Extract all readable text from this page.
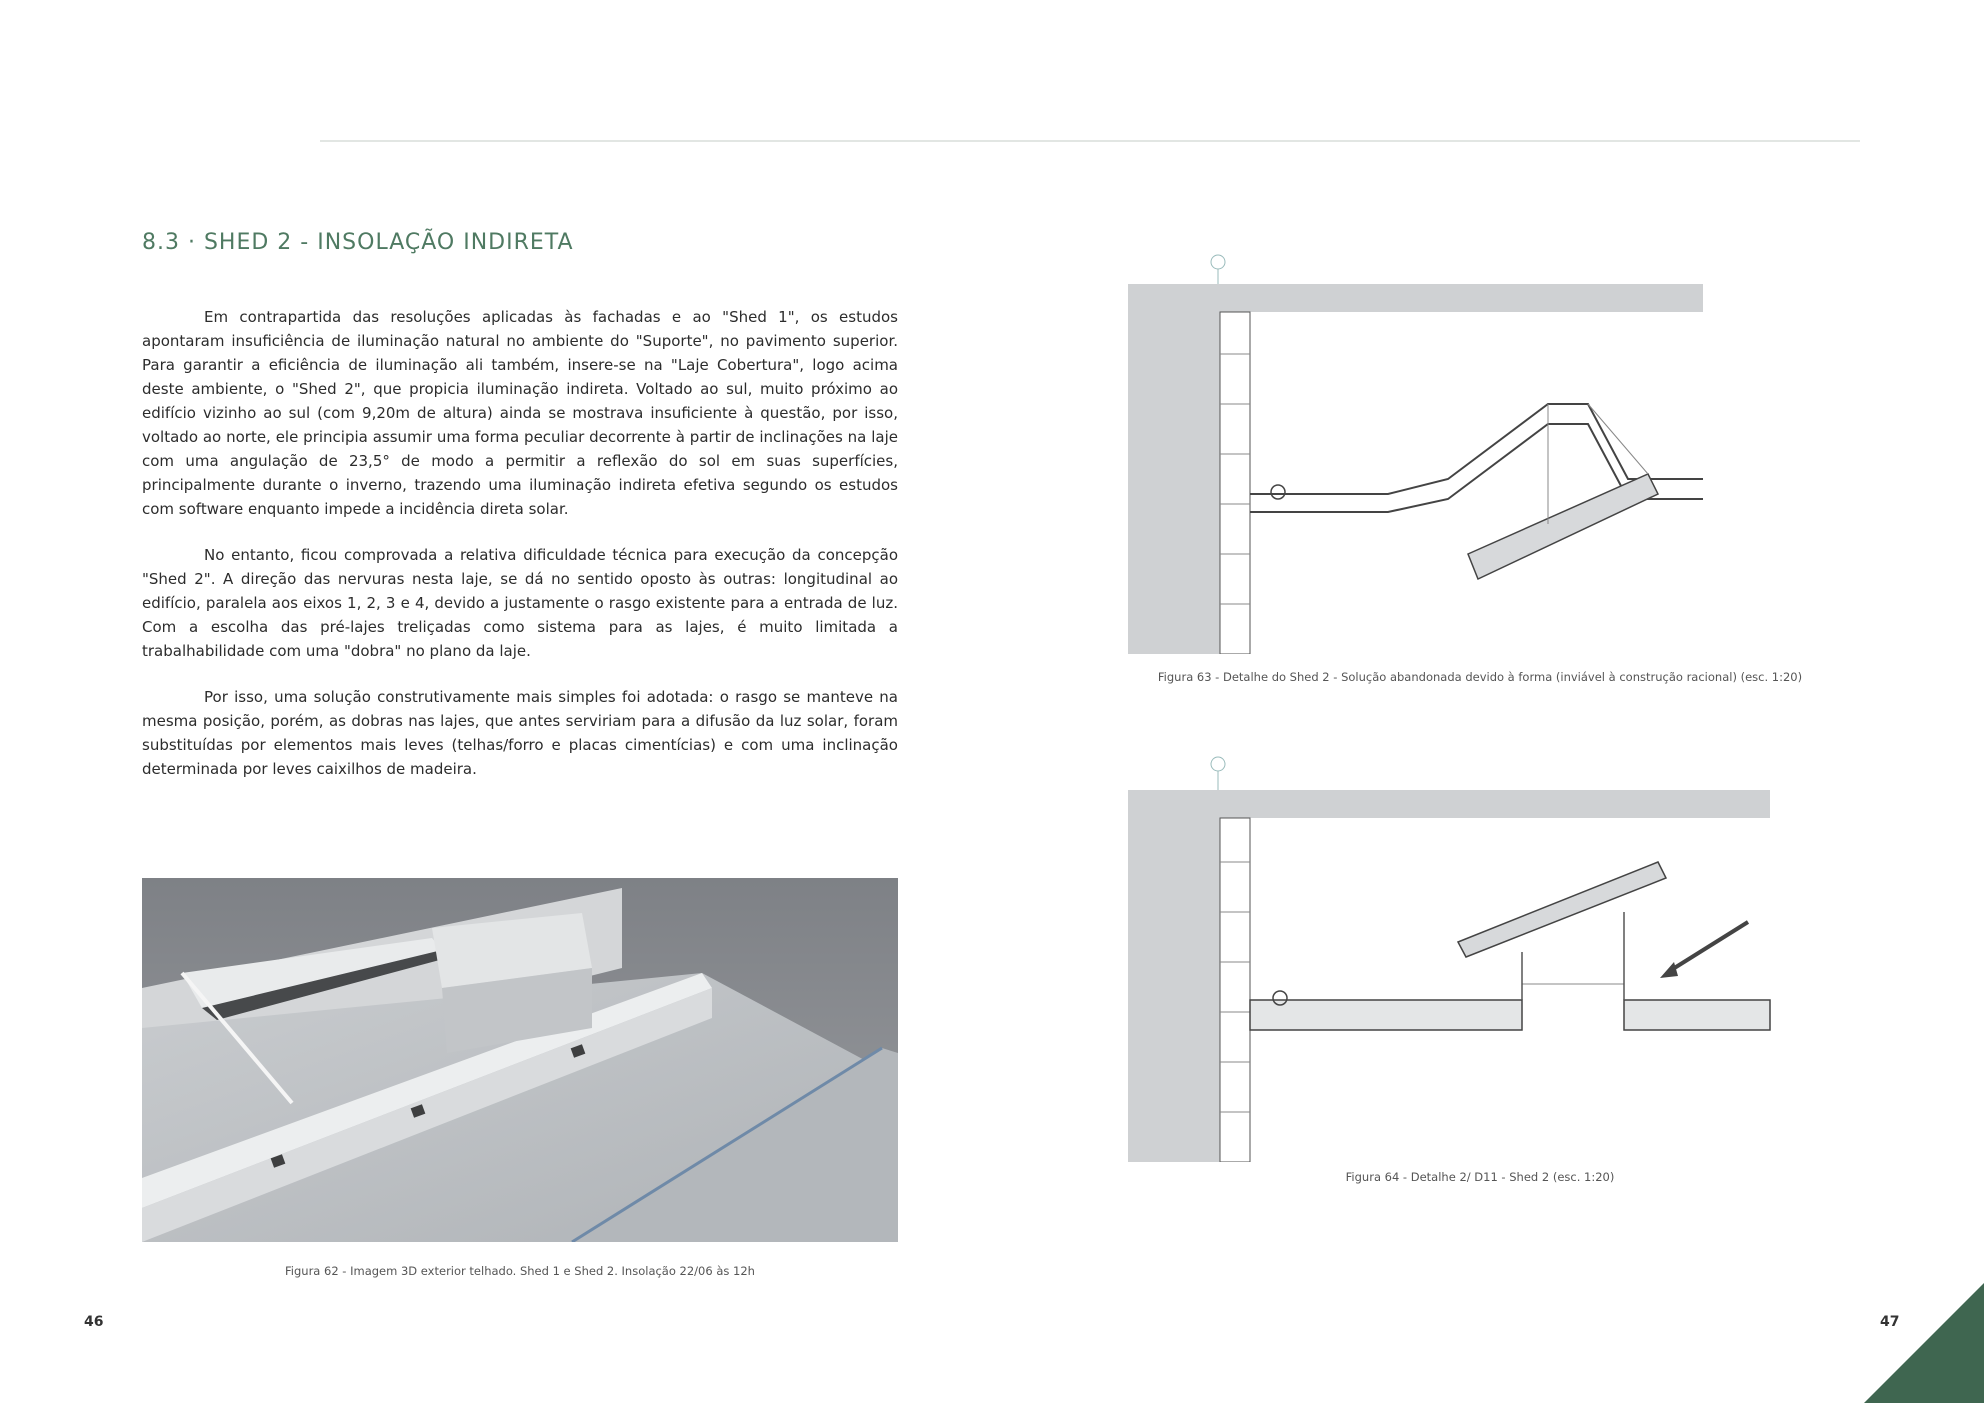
8.3 · SHED 2 - INSOLAÇÃO INDIRETA

Em contrapartida das resoluções aplicadas às fachadas e ao "Shed 1", os estudos apontaram insuficiência de iluminação natural no ambiente do "Suporte", no pavimento superior. Para garantir a eficiência de iluminação ali também, insere-se na "Laje Cobertura", logo acima deste ambiente, o "Shed 2", que propicia iluminação indireta. Voltado ao sul, muito próximo ao edifício vizinho ao sul (com 9,20m de altura) ainda se mostrava insuficiente à questão, por isso, voltado ao norte, ele principia assumir uma forma peculiar decorrente à partir de inclinações na laje com uma angulação de 23,5° de modo a permitir a reflexão do sol em suas superfícies, principalmente durante o inverno, trazendo uma iluminação indireta efetiva segundo os estudos com software enquanto impede a incidência direta solar.

No entanto, ficou comprovada a relativa dificuldade técnica para execução da concepção "Shed 2". A direção das nervuras nesta laje, se dá no sentido oposto às outras: longitudinal ao edifício, paralela aos eixos 1, 2, 3 e 4, devido a justamente o rasgo existente para a entrada de luz. Com a escolha das pré-lajes treliçadas como sistema para as lajes, é muito limitada a trabalhabilidade com uma "dobra" no plano da laje.

Por isso, uma solução construtivamente mais simples foi adotada: o rasgo se manteve na mesma posição, porém, as dobras nas lajes, que antes serviriam para a difusão da luz solar, foram substituídas por elementos mais leves (telhas/forro e placas cimentícias) e com uma inclinação determinada por leves caixilhos de madeira.

Figura 62 - Imagem 3D exterior telhado. Shed 1 e Shed 2. Insolação 22/06 às 12h
Figura 63 - Detalhe do Shed 2 - Solução abandonada devido à forma (inviável à construção racional) (esc. 1:20)
Figura 64 - Detalhe 2/ D11 - Shed 2 (esc. 1:20)
46	47
